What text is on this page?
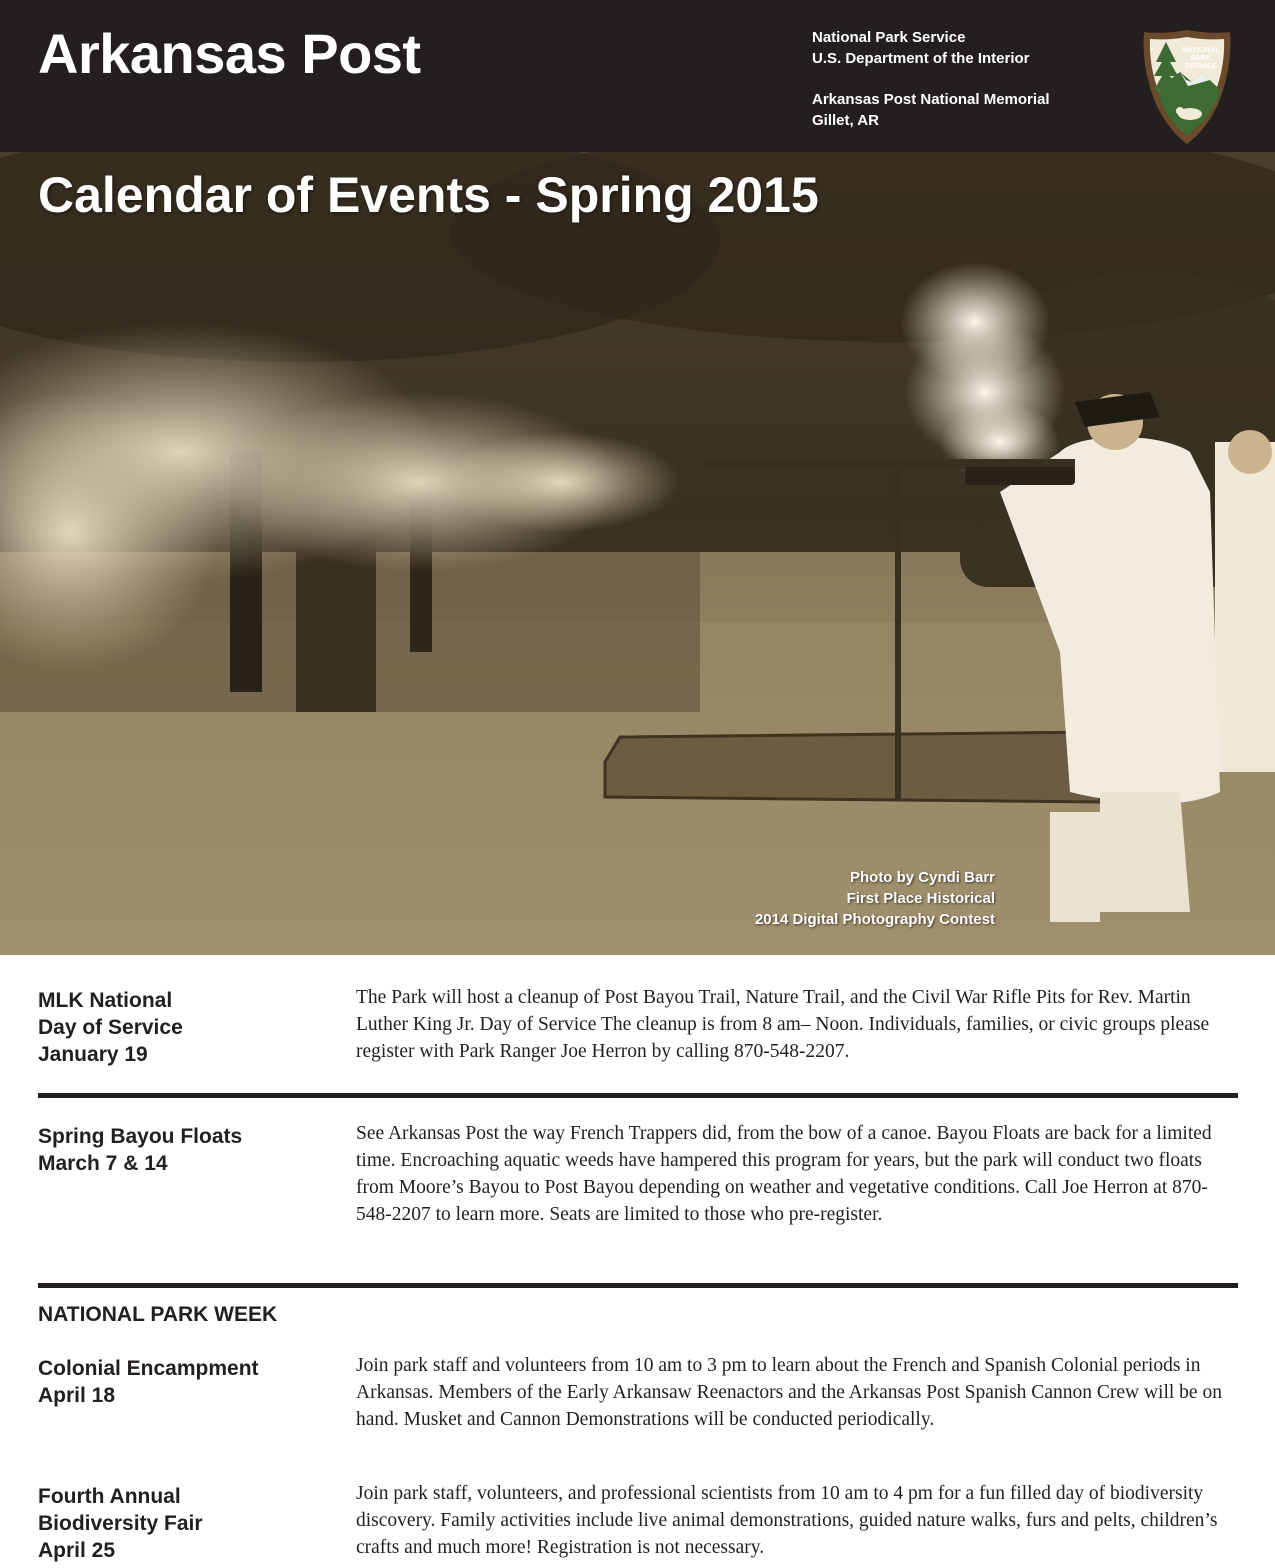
Arkansas Post	National Park Service
U.S. Department of the Interior
Arkansas Post National Memorial
Gillet, AR
NATIONAL
PARK
SERVICE
Calendar of Events - Spring 2015
Photo by Cyndi Barr
First Place Historical
2014 Digital Photography Contest
MLK National
Day of Service
January 19
The Park will host a cleanup of Post Bayou Trail, Nature Trail, and the Civil War Rifle Pits for Rev. Martin Luther King Jr. Day of Service The cleanup is from 8 am– Noon. Individuals, families, or civic groups please register with Park Ranger Joe Herron by calling 870-548-2207.
Spring Bayou Floats
March 7 & 14
See Arkansas Post the way French Trappers did, from the bow of a canoe. Bayou Floats are back for a limited time. Encroaching aquatic weeds have hampered this program for years, but the park will conduct two floats from Moore’s Bayou to Post Bayou depending on weather and vegetative conditions. Call Joe Herron at 870-548-2207 to learn more. Seats are limited to those who pre-register.
NATIONAL PARK WEEK
Colonial Encampment
April 18
Join park staff and volunteers from 10 am to 3 pm to learn about the French and Spanish Colonial periods in Arkansas. Members of the Early Arkansaw Reenactors and the Arkansas Post Spanish Cannon Crew will be on hand. Musket and Cannon Demonstrations will be conducted periodically.
Fourth Annual
Biodiversity Fair
April 25
Join park staff, volunteers, and professional scientists from 10 am to 4 pm for a fun filled day of biodiversity discovery. Family activities include live animal demonstrations, guided nature walks, furs and pelts, children’s crafts and much more! Registration is not necessary.
